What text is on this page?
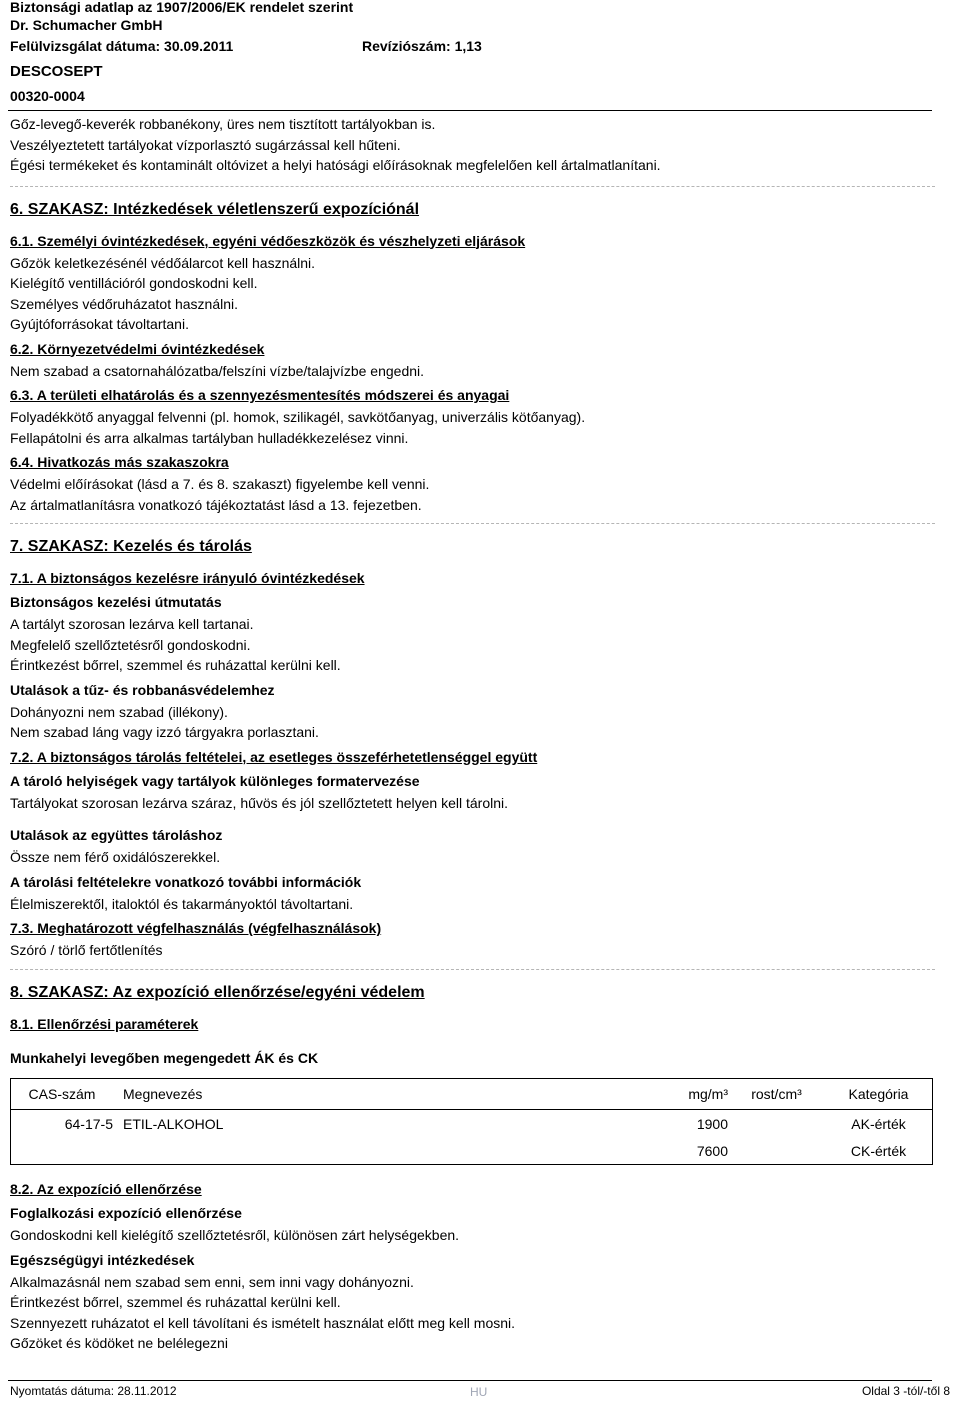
Biztonsági adatlap az 1907/2006/EK rendelet szerint
Dr. Schumacher GmbH
Felülvizsgálat dátuma: 30.09.2011	Revíziószám: 1,13
DESCOSEPT
00320-0004

Gőz-levegő-keverék robbanékony, üres nem tisztított tartályokban is.

Veszélyeztetett tartályokat vízporlasztó sugárzással kell hűteni.

Égési termékeket és kontaminált oltóvizet a helyi hatósági előírásoknak megfelelően kell ártalmatlanítani.

6. SZAKASZ: Intézkedések véletlenszerű expozíciónál
6.1. Személyi óvintézkedések, egyéni védőeszközök és vészhelyzeti eljárások

Gőzök keletkezésénél védőálarcot kell használni.

Kielégítő ventillációról gondoskodni kell.

Személyes védőruházatot használni.

Gyújtóforrásokat távoltartani.

6.2. Környezetvédelmi óvintézkedések

Nem szabad a csatornahálózatba/felszíni vízbe/talajvízbe engedni.

6.3. A területi elhatárolás és a szennyezésmentesítés módszerei és anyagai

Folyadékkötő anyaggal felvenni (pl. homok, szilikagél, savkötőanyag, univerzális kötőanyag).

Fellapátolni és arra alkalmas tartályban hulladékkezelésez vinni.

6.4. Hivatkozás más szakaszokra

Védelmi előírásokat (lásd a 7. és 8. szakaszt) figyelembe kell venni.

Az ártalmatlanításra vonatkozó tájékoztatást lásd a 13. fejezetben.

7. SZAKASZ: Kezelés és tárolás
7.1. A biztonságos kezelésre irányuló óvintézkedések
Biztonságos kezelési útmutatás

A tartályt szorosan lezárva kell tartanai.

Megfelelő szellőztetésről gondoskodni.

Érintkezést bőrrel, szemmel és ruházattal kerülni kell.

Utalások a tűz- és robbanásvédelemhez

Dohányozni nem szabad (illékony).

Nem szabad láng vagy izzó tárgyakra porlasztani.

7.2. A biztonságos tárolás feltételei, az esetleges összeférhetetlenséggel együtt
A tároló helyiségek vagy tartályok különleges formatervezése

Tartályokat szorosan lezárva száraz, hűvös és jól szellőztetett helyen kell tárolni.

Utalások az együttes tároláshoz

Össze nem férő oxidálószerekkel.

A tárolási feltételekre vonatkozó további információk

Élelmiszerektől, italoktól és takarmányoktól távoltartani.

7.3. Meghatározott végfelhasználás (végfelhasználások)

Szóró / törlő fertőtlenítés

8. SZAKASZ: Az expozíció ellenőrzése/egyéni védelem
8.1. Ellenőrzési paraméterek
Munkahelyi levegőben megengedett ÁK és CK
CAS-szám	Megnevezés	mg/m³	rost/cm³	Kategória
64-17-5	ETIL-ALKOHOL	1900		AK-érték
		7600		CK-érték
8.2. Az expozíció ellenőrzése
Foglalkozási expozíció ellenőrzése

Gondoskodni kell kielégítő szellőztetésről, különösen zárt helységekben.

Egészségügyi intézkedések

Alkalmazásnál nem szabad sem enni, sem inni vagy dohányozni.

Érintkezést bőrrel, szemmel és ruházattal kerülni kell.

Szennyezett ruházatot el kell távolítani és ismételt használat előtt meg kell mosni.

Gőzöket és ködöket ne belélegezni

Nyomtatás dátuma: 28.11.2012	HU	Oldal 3 -tól/-től 8
